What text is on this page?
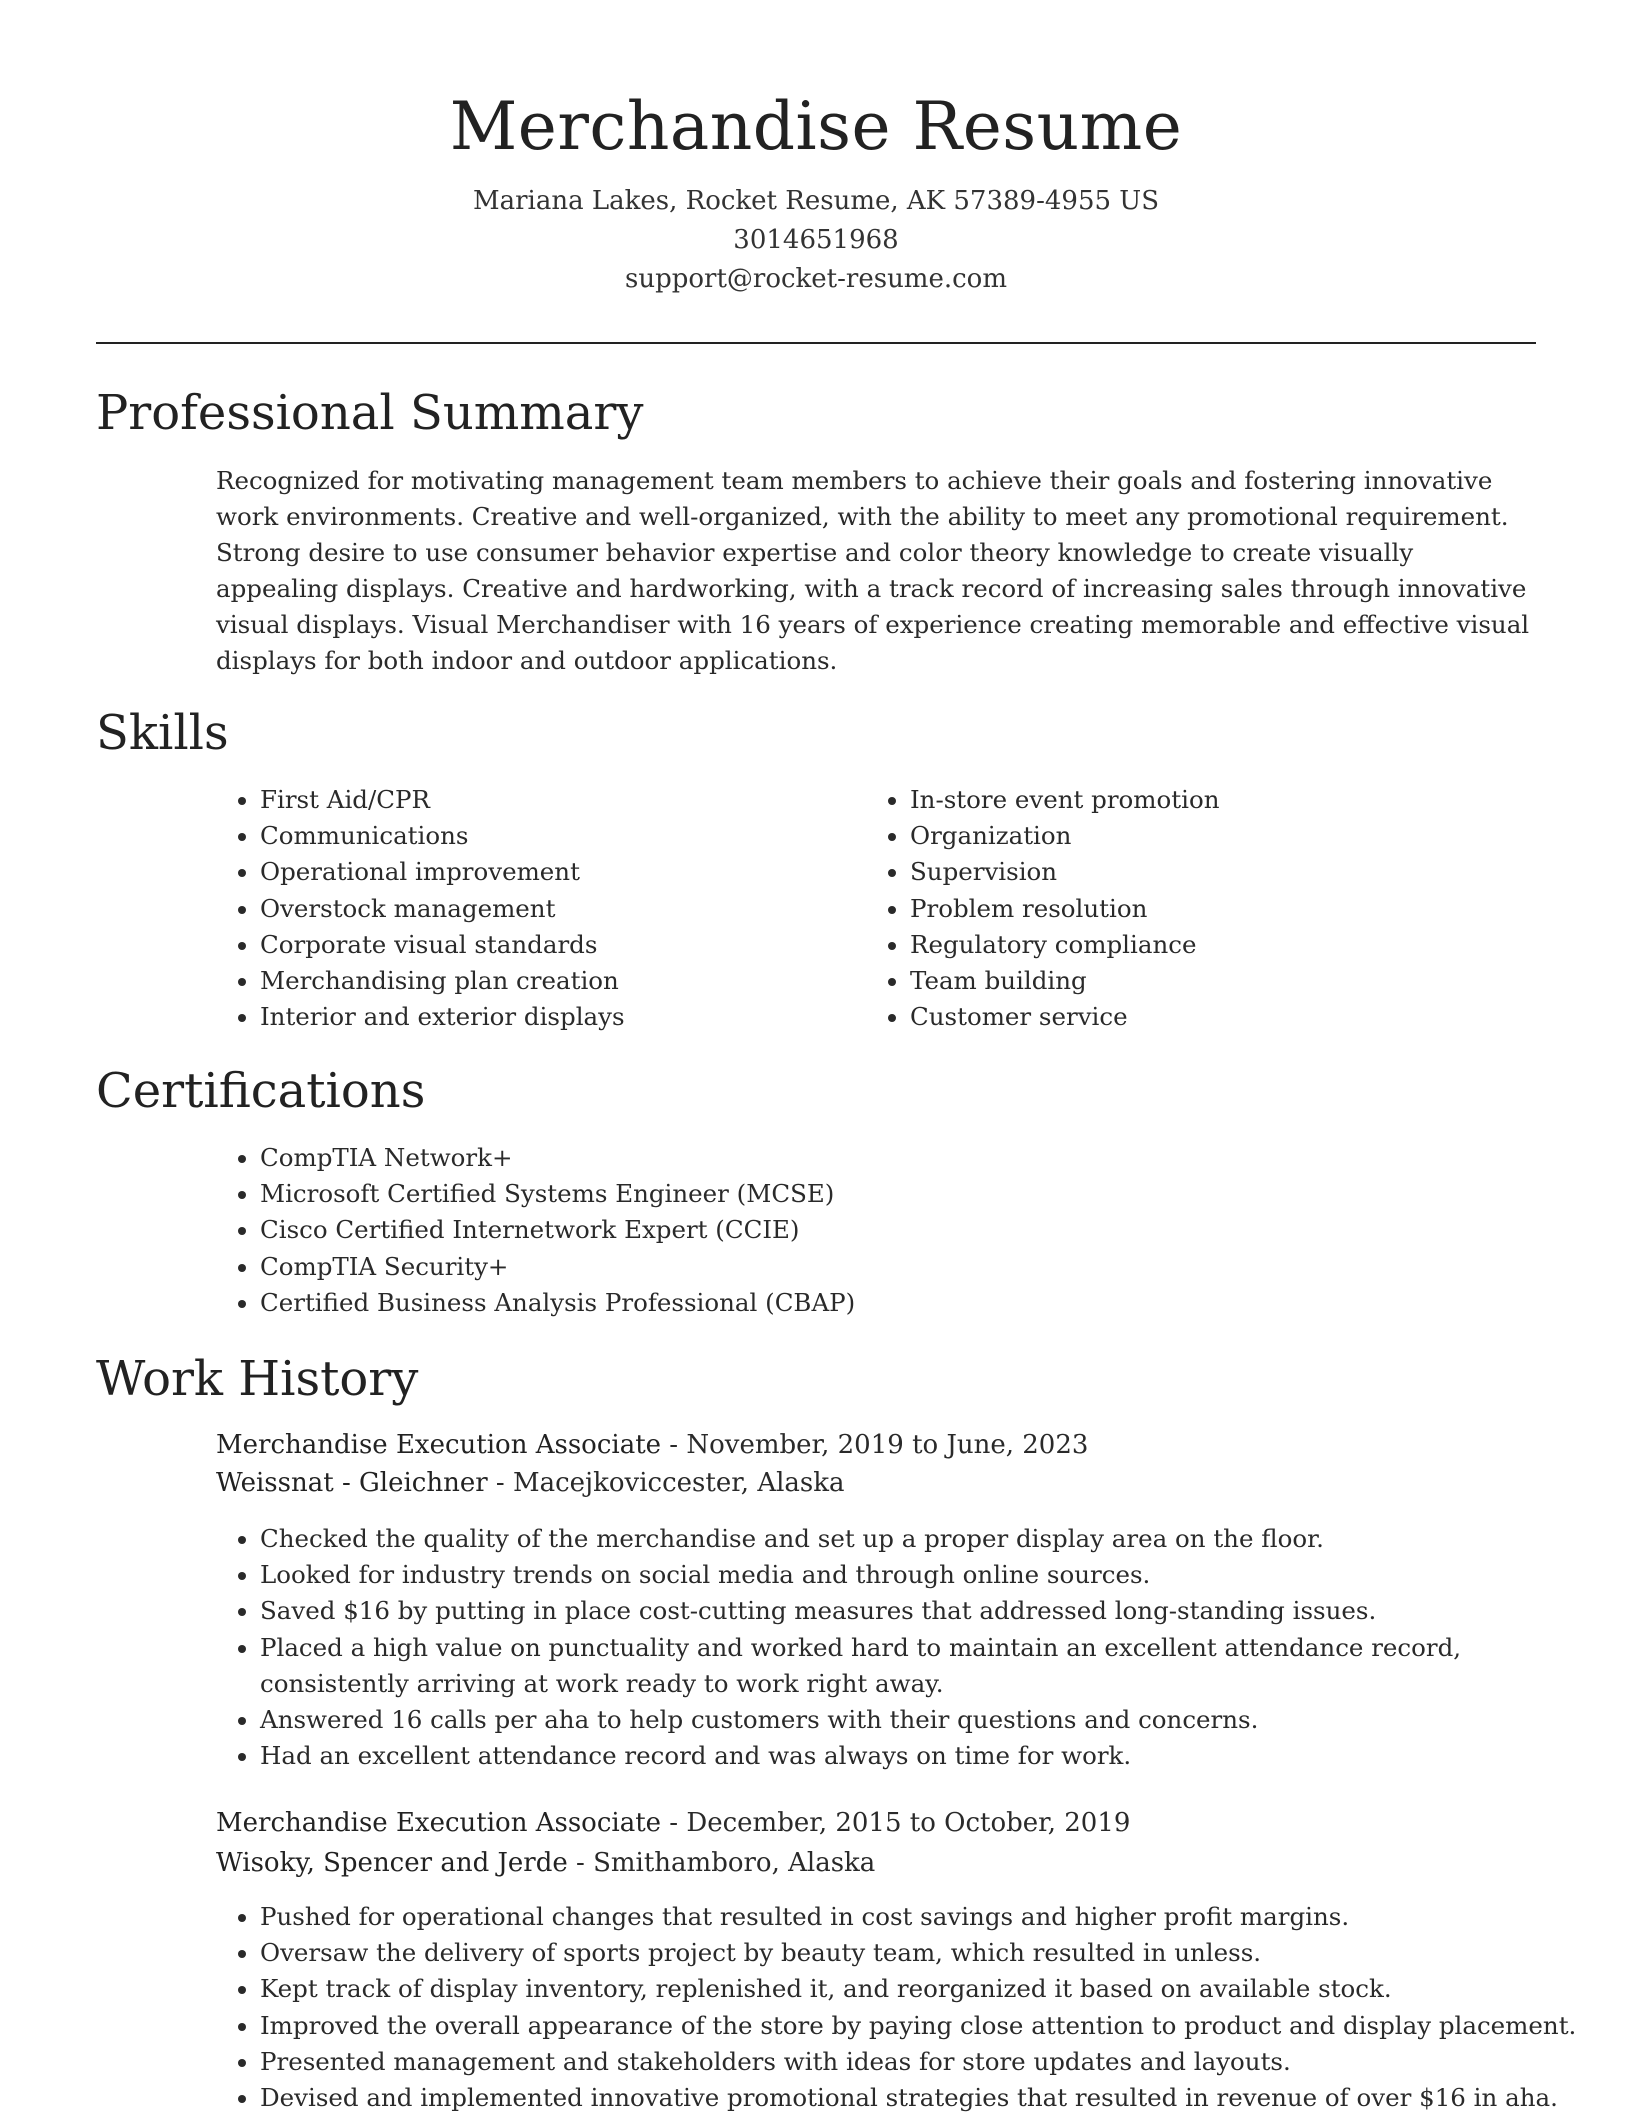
Merchandise Resume
Mariana Lakes, Rocket Resume, AK 57389-4955 US
3014651968
support@rocket-resume.com
Professional Summary

Recognized for motivating management team members to achieve their goals and fostering innovative work environments. Creative and well-organized, with the ability to meet any promotional requirement. Strong desire to use consumer behavior expertise and color theory knowledge to create visually appealing displays. Creative and hardworking, with a track record of increasing sales through innovative visual displays. Visual Merchandiser with 16 years of experience creating memorable and effective visual displays for both indoor and outdoor applications.

Skills
• First Aid/CPR
• Communications
• Operational improvement
• Overstock management
• Corporate visual standards
• Merchandising plan creation
• Interior and exterior displays
• In-store event promotion
• Organization
• Supervision
• Problem resolution
• Regulatory compliance
• Team building
• Customer service
Certifications
• CompTIA Network+
• Microsoft Certified Systems Engineer (MCSE)
• Cisco Certified Internetwork Expert (CCIE)
• CompTIA Security+
• Certified Business Analysis Professional (CBAP)
Work History
Merchandise Execution Associate - November, 2019 to June, 2023
Weissnat - Gleichner - Macejkoviccester, Alaska
• Checked the quality of the merchandise and set up a proper display area on the floor.
• Looked for industry trends on social media and through online sources.
• Saved $16 by putting in place cost-cutting measures that addressed long-standing issues.
• Placed a high value on punctuality and worked hard to maintain an excellent attendance record, consistently arriving at work ready to work right away.
• Answered 16 calls per aha to help customers with their questions and concerns.
• Had an excellent attendance record and was always on time for work.
Merchandise Execution Associate - December, 2015 to October, 2019
Wisoky, Spencer and Jerde - Smithamboro, Alaska
• Pushed for operational changes that resulted in cost savings and higher profit margins.
• Oversaw the delivery of sports project by beauty team, which resulted in unless.
• Kept track of display inventory, replenished it, and reorganized it based on available stock.
• Improved the overall appearance of the store by paying close attention to product and display placement.
• Presented management and stakeholders with ideas for store updates and layouts.
• Devised and implemented innovative promotional strategies that resulted in revenue of over $16 in aha.
